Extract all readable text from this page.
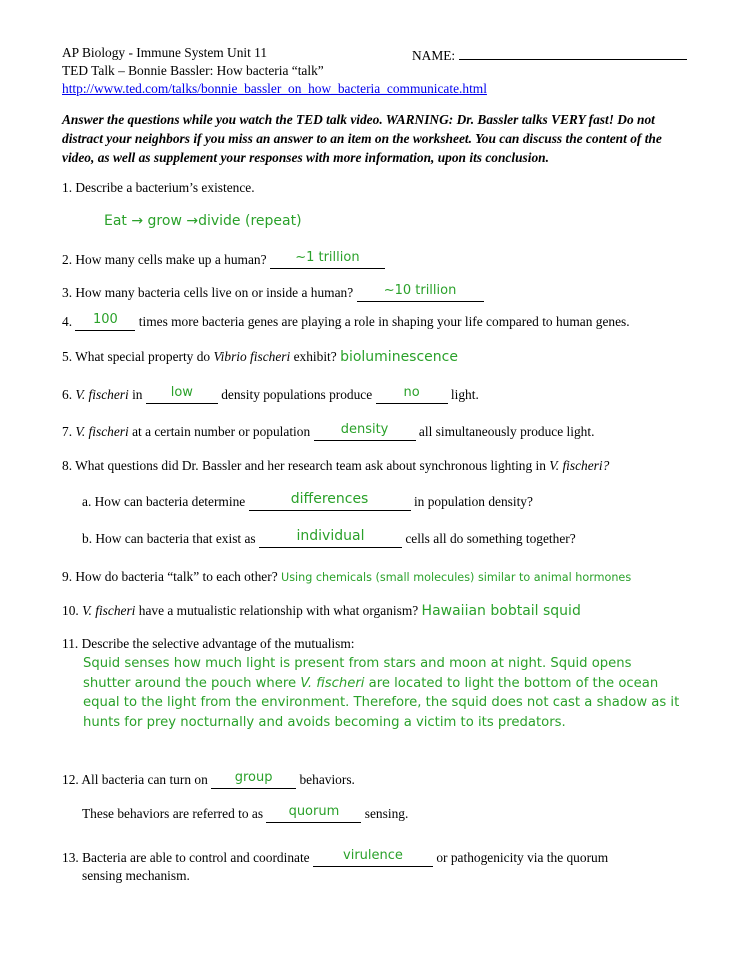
AP Biology - Immune System Unit 11	NAME:
TED Talk – Bonnie Bassler: How bacteria “talk”
http://www.ted.com/talks/bonnie_bassler_on_how_bacteria_communicate.html
Answer the questions while you watch the TED talk video. WARNING: Dr. Bassler talks VERY fast! Do not distract your neighbors if you miss an answer to an item on the worksheet. You can discuss the content of the video, as well as supplement your responses with more information, upon its conclusion.
1. Describe a bacterium’s existence.
Eat → grow →divide (repeat)
2. How many cells make up a human? ~1 trillion
3. How many bacteria cells live on or inside a human? ~10 trillion
4. 100 times more bacteria genes are playing a role in shaping your life compared to human genes.
5. What special property do Vibrio fischeri exhibit? bioluminescence
6. V. fischeri in low density populations produce no light.
7. V. fischeri at a certain number or population density all simultaneously produce light.
8. What questions did Dr. Bassler and her research team ask about synchronous lighting in V. fischeri?
a. How can bacteria determine	differences	in population density?
b. How can bacteria that exist as	individual	cells all do something together?
9. How do bacteria “talk” to each other? Using chemicals (small molecules) similar to animal hormones
10. V. fischeri have a mutualistic relationship with what organism? Hawaiian bobtail squid
11. Describe the selective advantage of the mutualism:
Squid senses how much light is present from stars and moon at night. Squid opens shutter around the pouch where V. fischeri are located to light the bottom of the ocean equal to the light from the environment. Therefore, the squid does not cast a shadow as it hunts for prey nocturnally and avoids becoming a victim to its predators.
12. All bacteria can turn on group behaviors.
These behaviors are referred to as quorum sensing.
13. Bacteria are able to control and coordinate	virulence or pathogenicity via the quorum
sensing mechanism.
